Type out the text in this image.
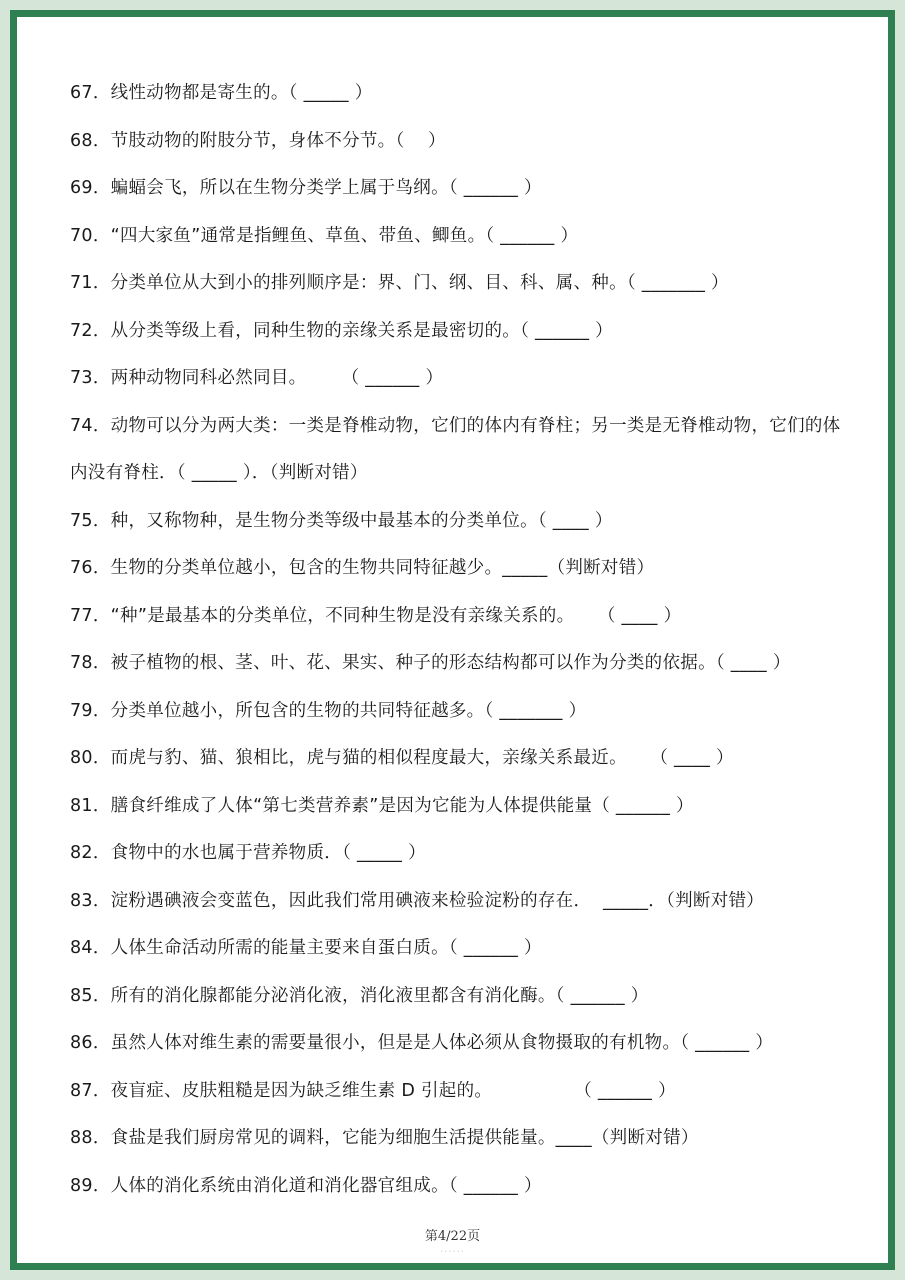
67．线性动物都是寄生的。（ _____ ）
68．节肢动物的附肢分节，身体不分节。（    ）
69．蝙蝠会飞，所以在生物分类学上属于鸟纲。（ ______ ）
70．“四大家鱼”通常是指鲤鱼、草鱼、带鱼、鲫鱼。（ ______ ）
71．分类单位从大到小的排列顺序是：界、门、纲、目、科、属、种。（ _______ ）
72．从分类等级上看，同种生物的亲缘关系是最密切的。（ ______ ）
73．两种动物同科必然同目。      （ ______ ）
74．动物可以分为两大类：一类是脊椎动物，它们的体内有脊柱；另一类是无脊椎动物，它们的体内没有脊柱．（ _____ ）．（判断对错）
75．种，又称物种，是生物分类等级中最基本的分类单位。（ ____ ）
76．生物的分类单位越小，包含的生物共同特征越少。_____（判断对错）
77．“种”是最基本的分类单位，不同种生物是没有亲缘关系的。    （ ____ ）
78．被子植物的根、茎、叶、花、果实、种子的形态结构都可以作为分类的依据。（ ____ ）
79．分类单位越小，所包含的生物的共同特征越多。（ _______ ）
80．而虎与豹、猫、狼相比，虎与猫的相似程度最大，亲缘关系最近。    （ ____ ）
81．膳食纤维成了人体“第七类营养素”是因为它能为人体提供能量（ ______ ）
82．食物中的水也属于营养物质．（ _____ ）
83．淀粉遇碘液会变蓝色，因此我们常用碘液来检验淀粉的存在．  _____．（判断对错）
84．人体生命活动所需的能量主要来自蛋白质。（ ______ ）
85．所有的消化腺都能分泌消化液，消化液里都含有消化酶。（ ______ ）
86．虽然人体对维生素的需要量很小，但是是人体必须从食物摄取的有机物。（ ______ ）
87．夜盲症、皮肤粗糙是因为缺乏维生素 D 引起的。              （ ______ ）
88．食盐是我们厨房常见的调料，它能为细胞生活提供能量。____（判断对错）
89．人体的消化系统由消化道和消化器官组成。（ ______ ）
第4/22页
······
